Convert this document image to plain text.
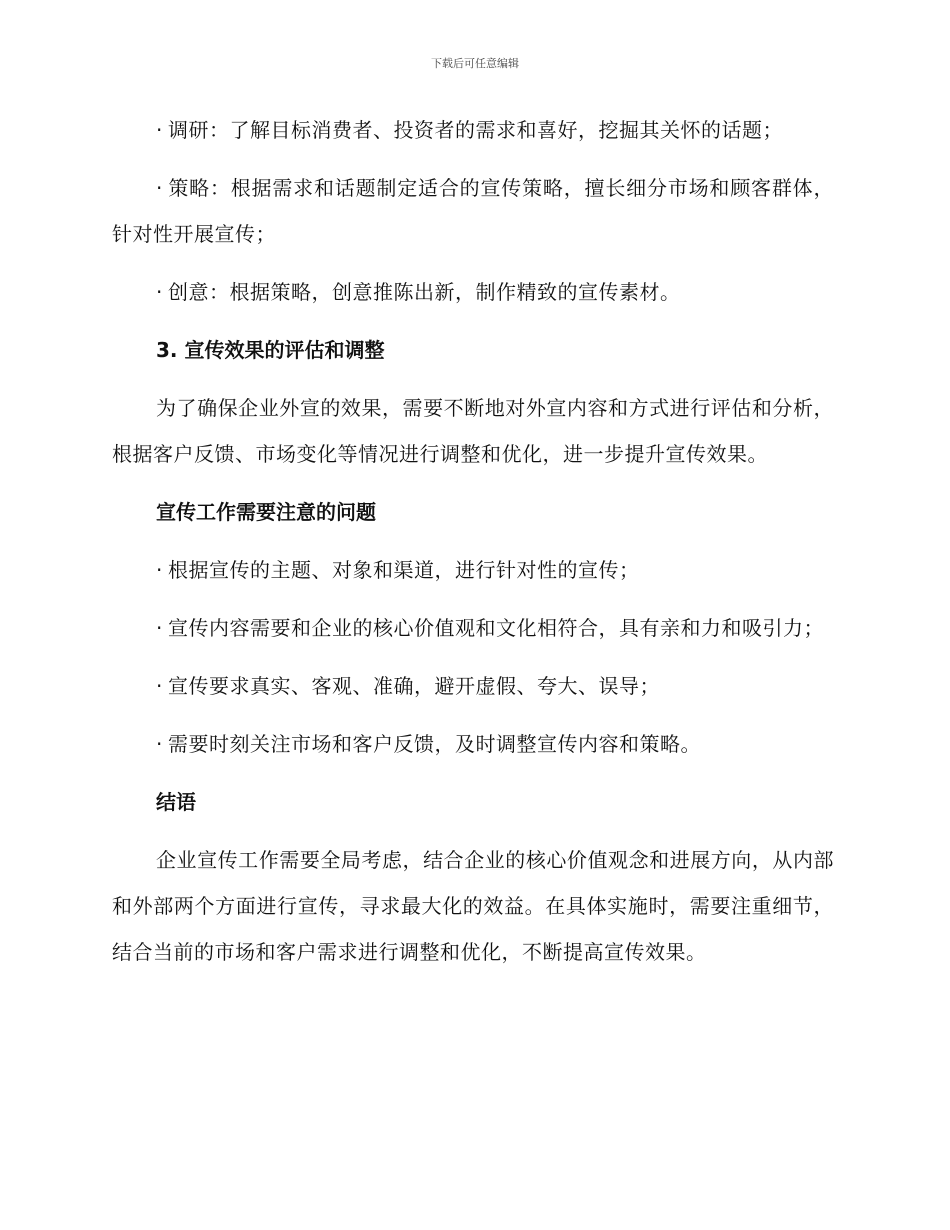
下载后可任意编辑

· 调研：了解目标消费者、投资者的需求和喜好，挖掘其关怀的话题；

· 策略：根据需求和话题制定适合的宣传策略，擅长细分市场和顾客群体，针对性开展宣传；

· 创意：根据策略，创意推陈出新，制作精致的宣传素材。

3. 宣传效果的评估和调整

为了确保企业外宣的效果，需要不断地对外宣内容和方式进行评估和分析，根据客户反馈、市场变化等情况进行调整和优化，进一步提升宣传效果。

宣传工作需要注意的问题

· 根据宣传的主题、对象和渠道，进行针对性的宣传；

· 宣传内容需要和企业的核心价值观和文化相符合，具有亲和力和吸引力；

· 宣传要求真实、客观、准确，避开虚假、夸大、误导；

· 需要时刻关注市场和客户反馈，及时调整宣传内容和策略。

结语

企业宣传工作需要全局考虑，结合企业的核心价值观念和进展方向，从内部和外部两个方面进行宣传，寻求最大化的效益。在具体实施时，需要注重细节，结合当前的市场和客户需求进行调整和优化，不断提高宣传效果。
